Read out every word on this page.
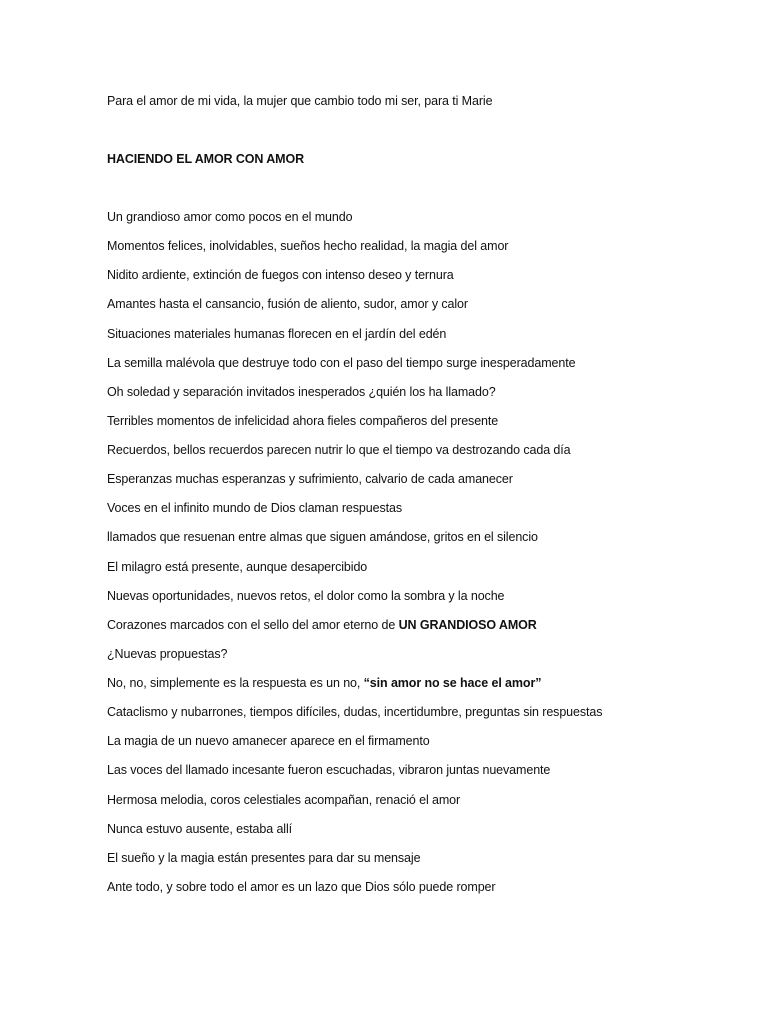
Para el amor de mi vida, la mujer que cambio todo mi ser, para ti Marie
HACIENDO EL AMOR CON AMOR
Un grandioso amor como pocos en el mundo
Momentos felices, inolvidables, sueños hecho realidad, la magia del amor
Nidito ardiente, extinción de fuegos con intenso deseo y ternura
Amantes hasta el cansancio, fusión de aliento, sudor, amor y calor
Situaciones materiales humanas florecen en el jardín del edén
La semilla malévola que destruye todo con el paso del tiempo surge inesperadamente
Oh soledad y separación invitados inesperados ¿quién los ha llamado?
Terribles momentos de infelicidad ahora fieles compañeros del presente
Recuerdos, bellos recuerdos parecen nutrir lo que el tiempo va destrozando cada día
Esperanzas muchas esperanzas y sufrimiento, calvario de cada amanecer
Voces en el infinito mundo de Dios claman respuestas
llamados que resuenan entre almas que siguen amándose, gritos en el silencio
El milagro está presente, aunque desapercibido
Nuevas oportunidades, nuevos retos, el dolor como la sombra y la noche
Corazones marcados con el sello del amor eterno de UN GRANDIOSO AMOR
¿Nuevas propuestas?
No, no, simplemente es la respuesta es un no, “sin amor no se hace el amor”
Cataclismo y nubarrones, tiempos difíciles, dudas, incertidumbre, preguntas sin respuestas
La magia de un nuevo amanecer aparece en el firmamento
Las voces del llamado incesante fueron escuchadas, vibraron juntas nuevamente
Hermosa melodia, coros celestiales acompañan, renació el amor
Nunca estuvo ausente, estaba allí
El sueño y la magia están presentes para dar su mensaje
Ante todo, y sobre todo el amor es un lazo que Dios sólo puede romper
